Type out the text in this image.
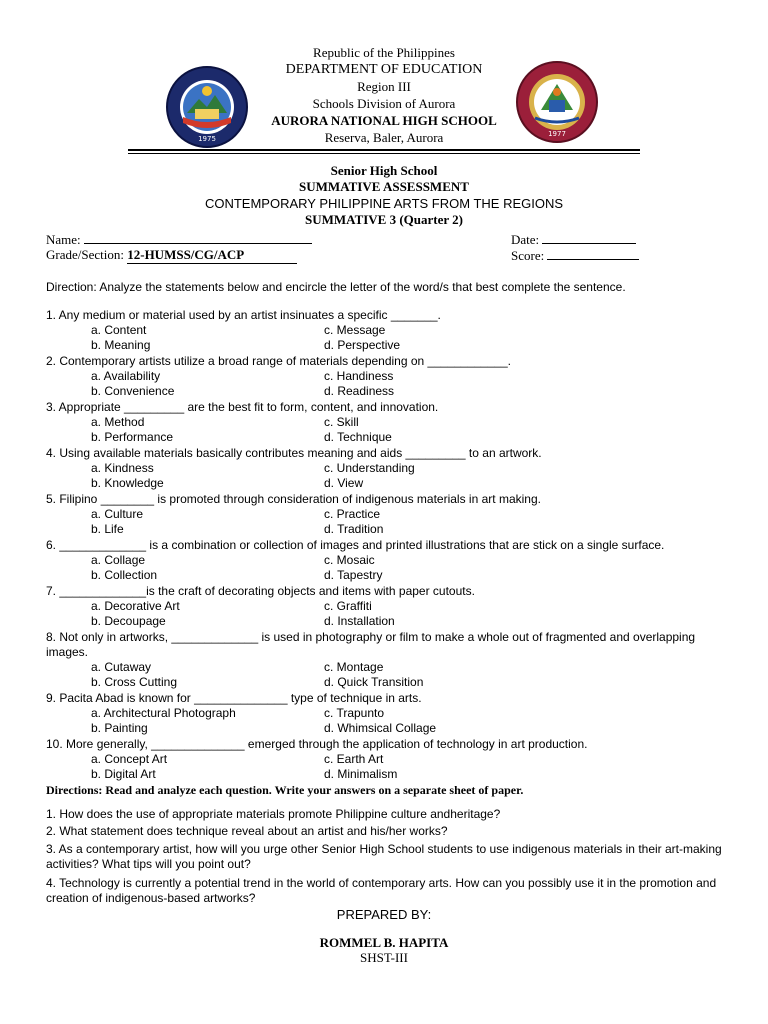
1975
1977
Republic of the Philippines
DEPARTMENT OF EDUCATION
Region III
Schools Division of Aurora
AURORA NATIONAL HIGH SCHOOL
Reserva, Baler, Aurora
Senior High School
SUMMATIVE ASSESSMENT
CONTEMPORARY PHILIPPINE ARTS FROM THE REGIONS
SUMMATIVE 3 (Quarter 2)
Name:	Date:
Grade/Section: 12-HUMSS/CG/ACP	Score:
Direction: Analyze the statements below and encircle the letter of the word/s that best complete the sentence.
1. Any medium or material used by an artist insinuates a specific _______.
a. Content	c. Message
b. Meaning	d. Perspective
2. Contemporary artists utilize a broad range of materials depending on ____________.
a. Availability	c. Handiness
b. Convenience	d. Readiness
3. Appropriate _________ are the best fit to form, content, and innovation.
a. Method	c. Skill
b. Performance	d. Technique
4. Using available materials basically contributes meaning and aids _________ to an artwork.
a. Kindness	c. Understanding
b. Knowledge	d. View
5. Filipino ________ is promoted through consideration of indigenous materials in art making.
a. Culture	c. Practice
b. Life	d. Tradition
6. _____________ is a combination or collection of images and printed illustrations that are stick on a single surface.
a. Collage	c. Mosaic
b. Collection	d. Tapestry
7. _____________is the craft of decorating objects and items with paper cutouts.
a. Decorative Art	c. Graffiti
b. Decoupage	d. Installation
8. Not only in artworks, _____________ is used in photography or film to make a whole out of fragmented and overlapping images.
a. Cutaway	c. Montage
b. Cross Cutting	d. Quick Transition
9. Pacita Abad is known for ______________ type of technique in arts.
a. Architectural Photograph	c. Trapunto
b. Painting	d. Whimsical Collage
10. More generally, ______________ emerged through the application of technology in art production.
a. Concept Art	c. Earth Art
b. Digital Art	d. Minimalism
Directions: Read and analyze each question. Write your answers on a separate sheet of paper.
1. How does the use of appropriate materials promote Philippine culture andheritage?
2. What statement does technique reveal about an artist and his/her works?
3. As a contemporary artist, how will you urge other Senior High School students to use indigenous materials in their art-making activities? What tips will you point out?
4. Technology is currently a potential trend in the world of contemporary arts. How can you possibly use it in the promotion and creation of indigenous-based artworks?
PREPARED BY:
ROMMEL B. HAPITA
SHST-III
